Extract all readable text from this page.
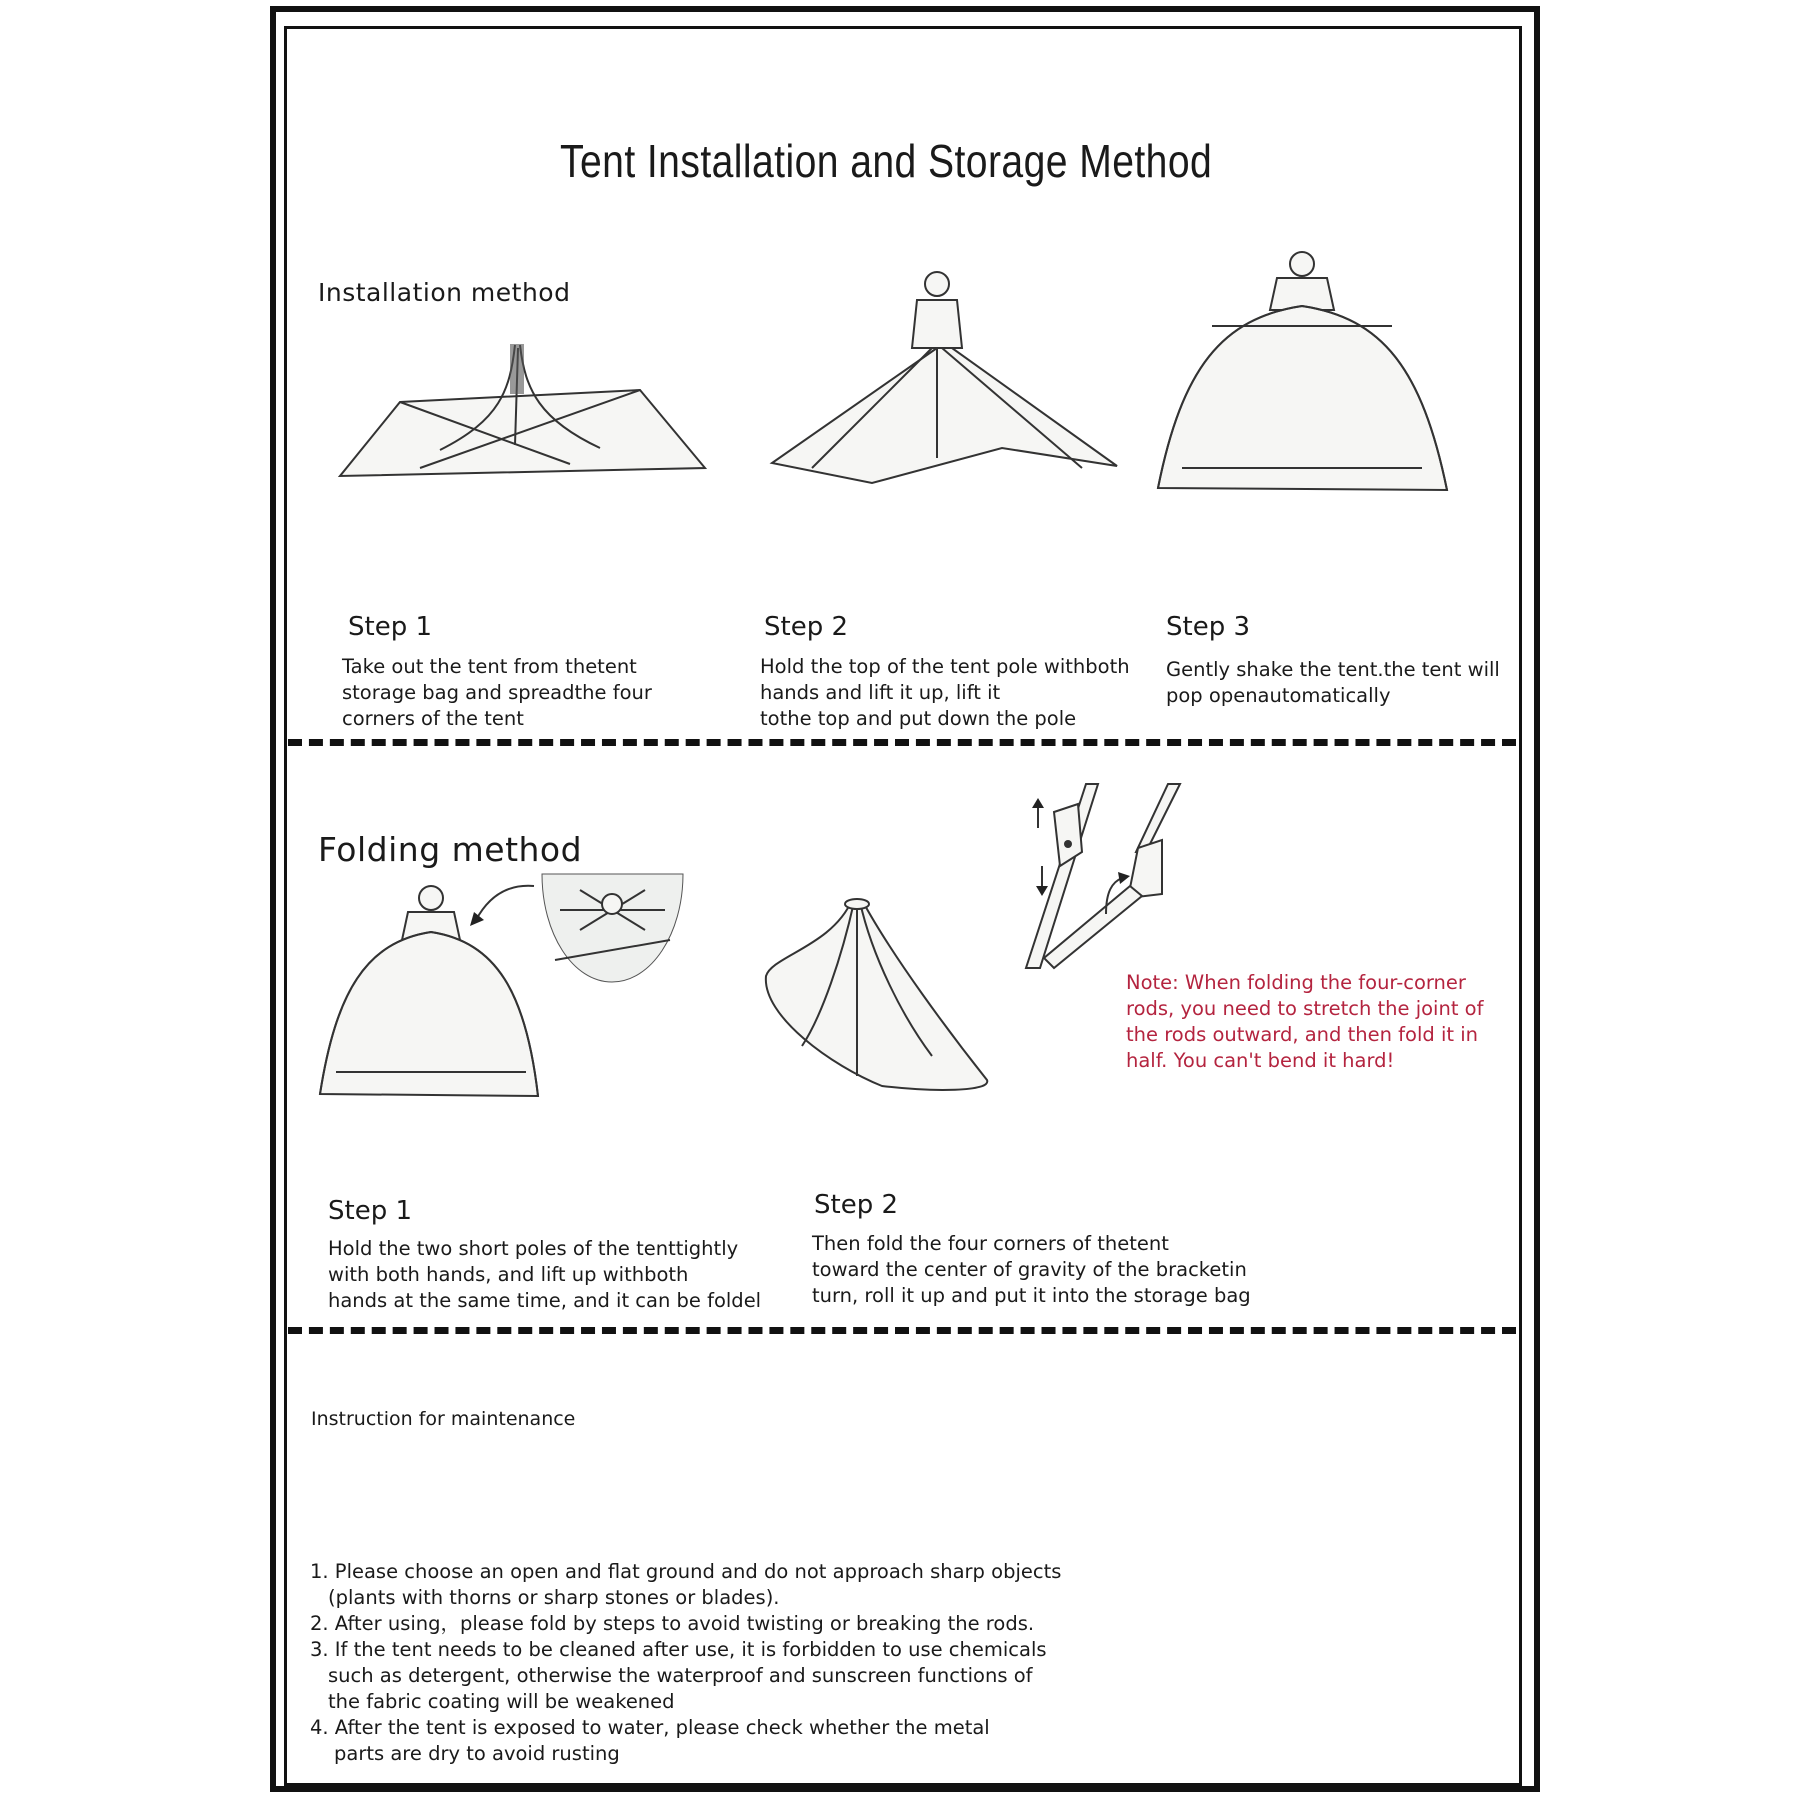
Tent Installation and Storage Method
Installation method
Step 1
Take out the tent from thetent
storage bag and spreadthe four
corners of the tent
Step 2
Hold the top of the tent pole withboth
hands and lift it up, lift it
tothe top and put down the pole
Step 3
Gently shake the tent.the tent will
pop openautomatically
Folding method
Note: When folding the four-corner
rods, you need to stretch the joint of
the rods outward, and then fold it in
half. You can't bend it hard!
Step 1
Hold the two short poles of the tenttightly
with both hands, and lift up withboth
hands at the same time, and it can be foldel
Step 2
Then fold the four corners of thetent
toward the center of gravity of the bracketin
turn, roll it up and put it into the storage bag
Instruction for maintenance
1. Please choose an open and flat ground and do not approach sharp objects
(plants with thorns or sharp stones or blades).
2. After using，please fold by steps to avoid twisting or breaking the rods.
3. If the tent needs to be cleaned after use, it is forbidden to use chemicals
such as detergent, otherwise the waterproof and sunscreen functions of
the fabric coating will be weakened
4. After the tent is exposed to water, please check whether the metal
parts are dry to avoid rusting
